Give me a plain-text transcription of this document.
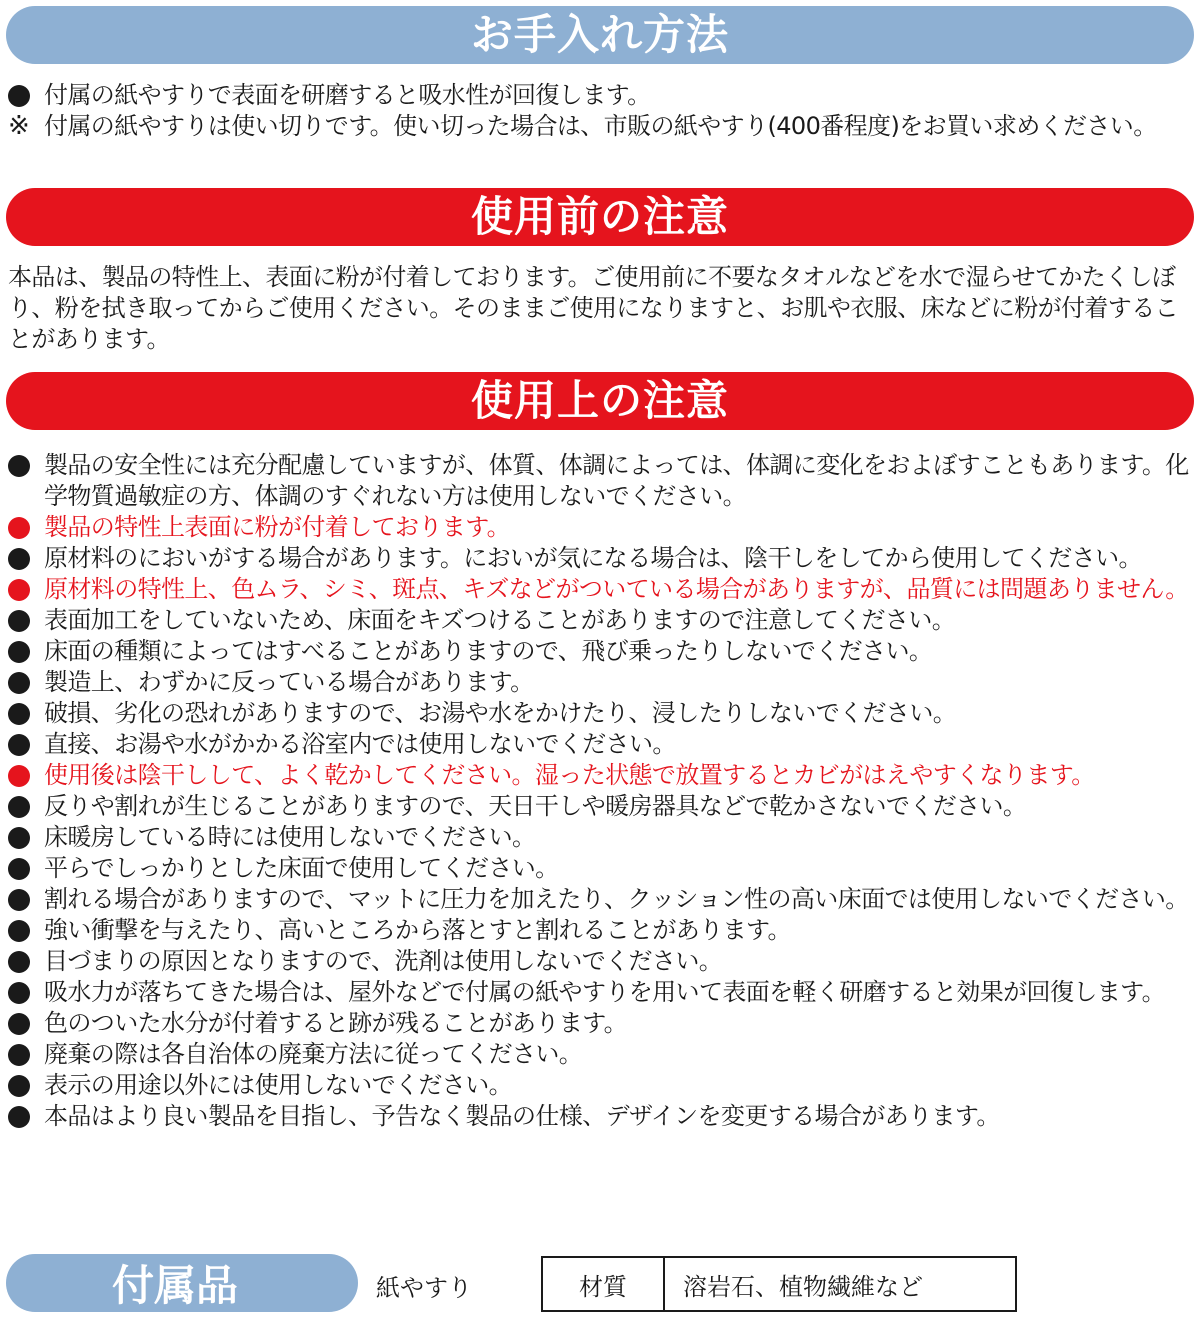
お手入れ方法
付属の紙やすりで表面を研磨すると吸水性が回復します。
※ 付属の紙やすりは使い切りです。使い切った場合は、市販の紙やすり(400番程度)をお買い求めください。
使用前の注意

本品は、製品の特性上、表面に粉が付着しております。ご使用前に不要なタオルなどを水で湿らせてかたくしぼり、粉を拭き取ってからご使用ください。そのままご使用になりますと、お肌や衣服、床などに粉が付着することがあります。

使用上の注意
製品の安全性には充分配慮していますが、体質、体調によっては、体調に変化をおよぼすこともあります。化学物質過敏症の方、体調のすぐれない方は使用しないでください。
製品の特性上表面に粉が付着しております。
原材料のにおいがする場合があります。においが気になる場合は、陰干しをしてから使用してください。
原材料の特性上、色ムラ、シミ、斑点、キズなどがついている場合がありますが、品質には問題ありません。
表面加工をしていないため、床面をキズつけることがありますので注意してください。
床面の種類によってはすべることがありますので、飛び乗ったりしないでください。
製造上、わずかに反っている場合があります。
破損、劣化の恐れがありますので、お湯や水をかけたり、浸したりしないでください。
直接、お湯や水がかかる浴室内では使用しないでください。
使用後は陰干しして、よく乾かしてください。湿った状態で放置するとカビがはえやすくなります。
反りや割れが生じることがありますので、天日干しや暖房器具などで乾かさないでください。
床暖房している時には使用しないでください。
平らでしっかりとした床面で使用してください。
割れる場合がありますので、マットに圧力を加えたり、クッション性の高い床面では使用しないでください。
強い衝撃を与えたり、高いところから落とすと割れることがあります。
目づまりの原因となりますので、洗剤は使用しないでください。
吸水力が落ちてきた場合は、屋外などで付属の紙やすりを用いて表面を軽く研磨すると効果が回復します。
色のついた水分が付着すると跡が残ることがあります。
廃棄の際は各自治体の廃棄方法に従ってください。
表示の用途以外には使用しないでください。
本品はより良い製品を目指し、予告なく製品の仕様、デザインを変更する場合があります。
付属品	紙やすり	材質	溶岩石、植物繊維など
